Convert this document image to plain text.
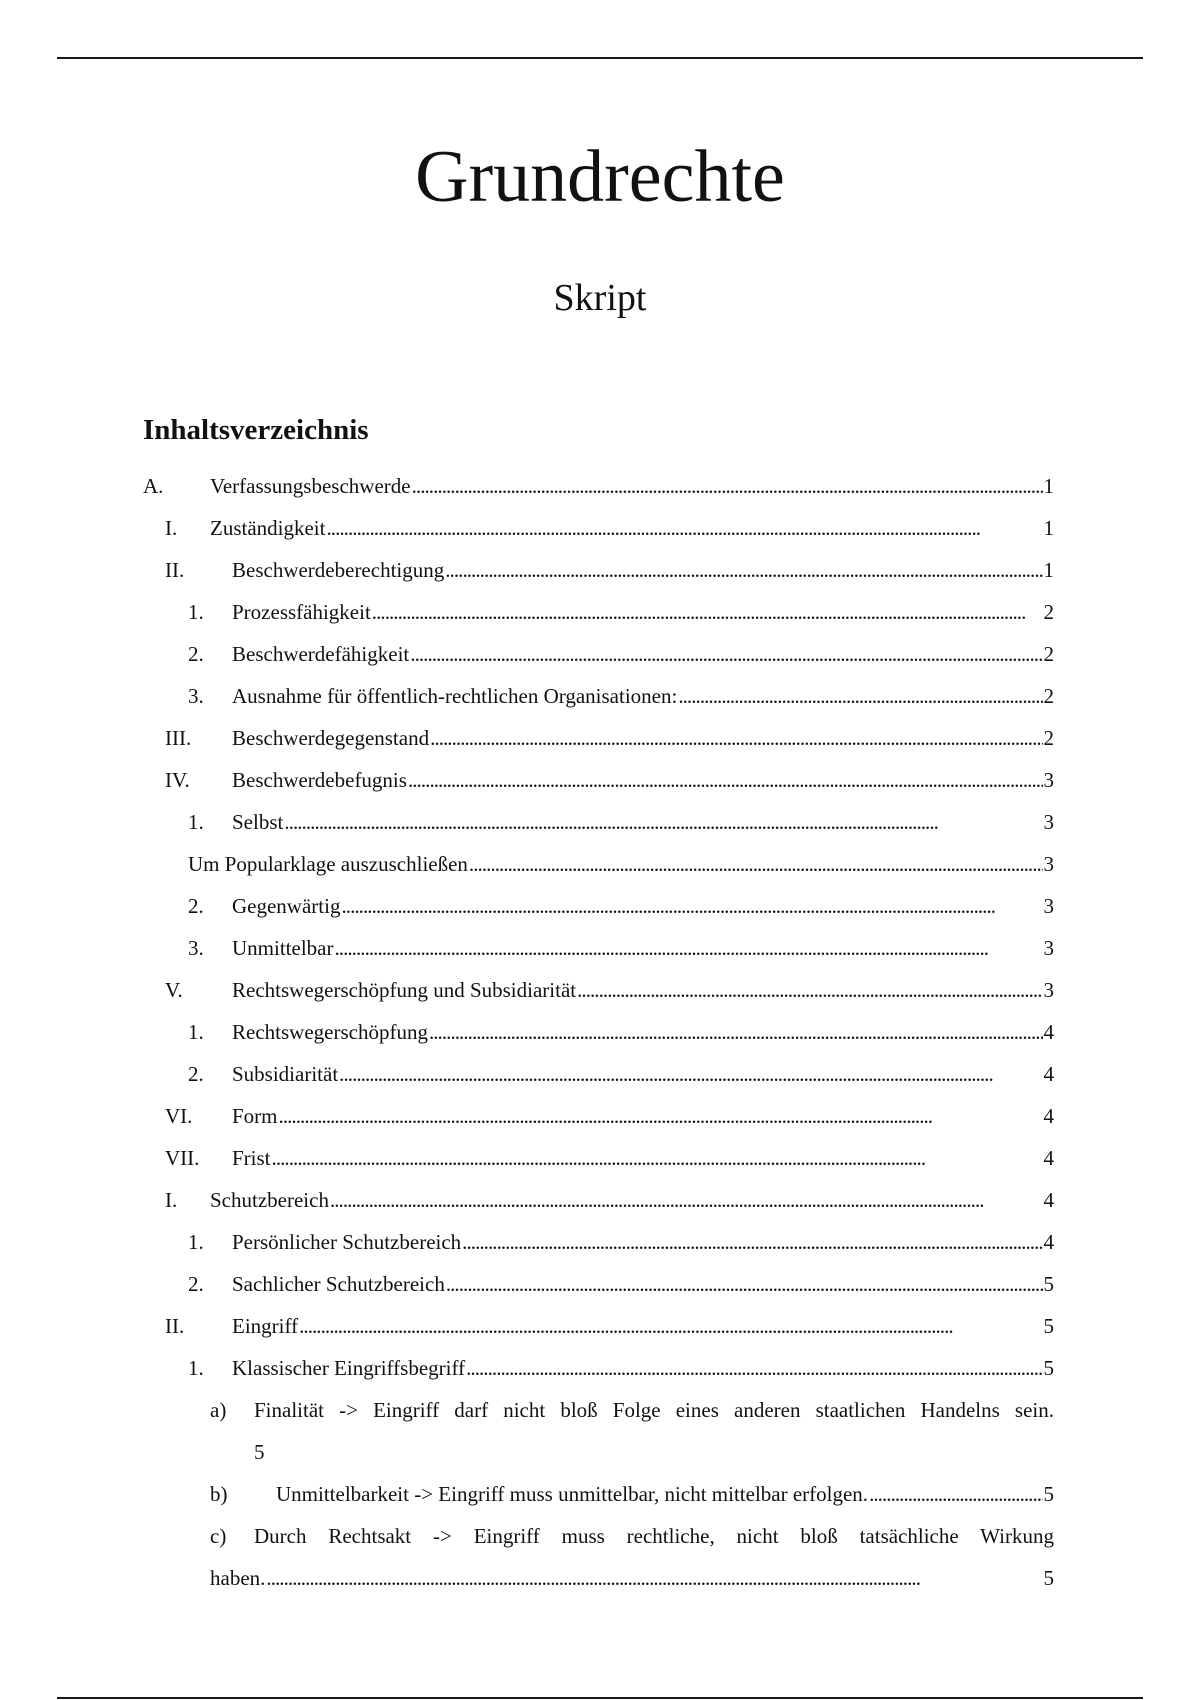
Grundrechte
Skript
Inhaltsverzeichnis
A. Verfassungsbeschwerde . . .	1
I. Zuständigkeit . . .	1
II. Beschwerdeberechtigung . . .	1
1. Prozessfähigkeit . . .	2
2. Beschwerdefähigkeit . . .	2
3. Ausnahme für öffentlich-rechtlichen Organisationen: . . .	2
III. Beschwerdegegenstand . . .	2
IV. Beschwerdebefugnis . . .	3
1. Selbst . . .	3
Um Popularklage auszuschließen . . .	3
2. Gegenwärtig . . .	3
3. Unmittelbar . . .	3
V. Rechtswegerschöpfung und Subsidiarität . . .	3
1. Rechtswegerschöpfung . . .	4
2. Subsidiarität . . .	4
VI. Form . . .	4
VII. Frist . . .	4
I. Schutzbereich . . .	4
1. Persönlicher Schutzbereich . . .	4
2. Sachlicher Schutzbereich . . .	5
II. Eingriff . . .	5
1. Klassischer Eingriffsbegriff . . .	5
a) Finalität -> Eingriff darf nicht bloß Folge eines anderen staatlichen Handelns sein.
5
b) Unmittelbarkeit -> Eingriff muss unmittelbar, nicht mittelbar erfolgen. . . .	5
c)	Durch Rechtsakt -> Eingriff muss rechtliche, nicht bloß tatsächliche Wirkung
haben. . . .	5
